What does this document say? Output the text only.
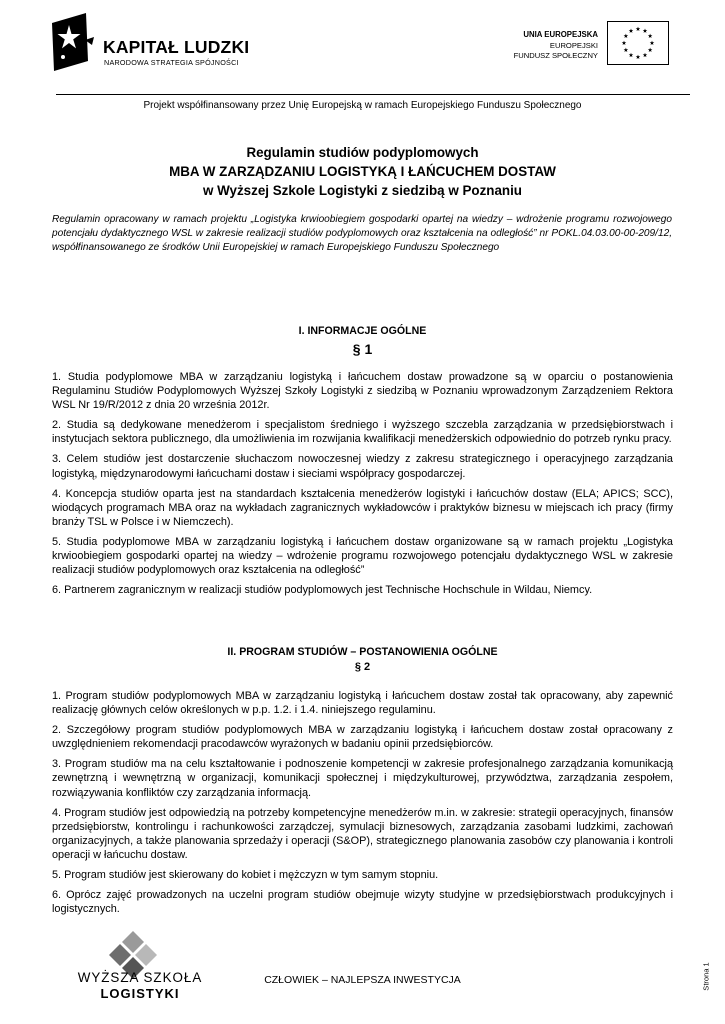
KAPITAŁ LUDZKI
NARODOWA STRATEGIA SPÓJNOŚCI
UNIA EUROPEJSKA
EUROPEJSKI
FUNDUSZ SPOŁECZNY
Projekt współfinansowany przez Unię Europejską w ramach Europejskiego Funduszu Społecznego
Regulamin studiów podyplomowych
MBA W ZARZĄDZANIU LOGISTYKĄ I ŁAŃCUCHEM DOSTAW
w Wyższej Szkole Logistyki z siedzibą w Poznaniu
Regulamin opracowany w ramach projektu „Logistyka krwioobiegiem gospodarki opartej na wiedzy – wdrożenie programu rozwojowego potencjału dydaktycznego WSL w zakresie realizacji studiów podyplomowych oraz kształcenia na odległość” nr POKL.04.03.00-00-209/12, współfinansowanego ze środków Unii Europejskiej w ramach Europejskiego Funduszu Społecznego
I. INFORMACJE OGÓLNE
§ 1

1. Studia podyplomowe MBA w zarządzaniu logistyką i łańcuchem dostaw prowadzone są w oparciu o postanowienia Regulaminu Studiów Podyplomowych Wyższej Szkoły Logistyki z siedzibą w Poznaniu wprowadzonym Zarządzeniem Rektora WSL Nr 19/R/2012 z dnia 20 września 2012r.

2. Studia są dedykowane menedżerom i specjalistom średniego i wyższego szczebla zarządzania w przedsiębiorstwach i instytucjach sektora publicznego, dla umożliwienia im rozwijania kwalifikacji menedżerskich odpowiednio do potrzeb rynku pracy.

3. Celem studiów jest dostarczenie słuchaczom nowoczesnej wiedzy z zakresu strategicznego i operacyjnego zarządzania logistyką, międzynarodowymi łańcuchami dostaw i sieciami współpracy gospodarczej.

4. Koncepcja studiów oparta jest na standardach kształcenia menedżerów logistyki i łańcuchów dostaw (ELA; APICS; SCC), wiodących programach MBA oraz na wykładach zagranicznych wykładowców i praktyków biznesu w miejscach ich pracy (firmy branży TSL w Polsce i w Niemczech).

5. Studia podyplomowe MBA w zarządzaniu logistyką i łańcuchem dostaw organizowane są w ramach projektu „Logistyka krwioobiegiem gospodarki opartej na wiedzy – wdrożenie programu rozwojowego potencjału dydaktycznego WSL w zakresie realizacji studiów podyplomowych oraz kształcenia na odległość”

6. Partnerem zagranicznym w realizacji studiów podyplomowych jest Technische Hochschule in Wildau, Niemcy.

II. PROGRAM STUDIÓW – POSTANOWIENIA OGÓLNE
§ 2

1. Program studiów podyplomowych MBA w zarządzaniu logistyką i łańcuchem dostaw został tak opracowany, aby zapewnić realizację głównych celów określonych w p.p. 1.2. i 1.4. niniejszego regulaminu.

2. Szczegółowy program studiów podyplomowych MBA w zarządzaniu logistyką i łańcuchem dostaw został opracowany z uwzględnieniem rekomendacji pracodawców wyrażonych w badaniu opinii przedsiębiorców.

3. Program studiów ma na celu kształtowanie i podnoszenie kompetencji w zakresie profesjonalnego zarządzania komunikacją zewnętrzną i wewnętrzną w organizacji, komunikacji społecznej i międzykulturowej, przywództwa, zarządzania zespołem, rozwiązywania konfliktów czy zarządzania informacją.

4. Program studiów jest odpowiedzią na potrzeby kompetencyjne menedżerów m.in. w zakresie: strategii operacyjnych, finansów przedsiębiorstw, kontrolingu i rachunkowości zarządczej, symulacji biznesowych, zarządzania zasobami ludzkimi, zachowań organizacyjnych, a także planowania sprzedaży i operacji (S&OP), strategicznego planowania zasobów czy planowania i kontroli operacji w łańcuchu dostaw.

5. Program studiów jest skierowany do kobiet i mężczyzn w tym samym stopniu.

6. Oprócz zajęć prowadzonych na uczelni program studiów obejmuje wizyty studyjne w przedsiębiorstwach produkcyjnych i logistycznych.

WYŻSZA SZKOŁA
LOGISTYKI
CZŁOWIEK – NAJLEPSZA INWESTYCJA	Strona 1
